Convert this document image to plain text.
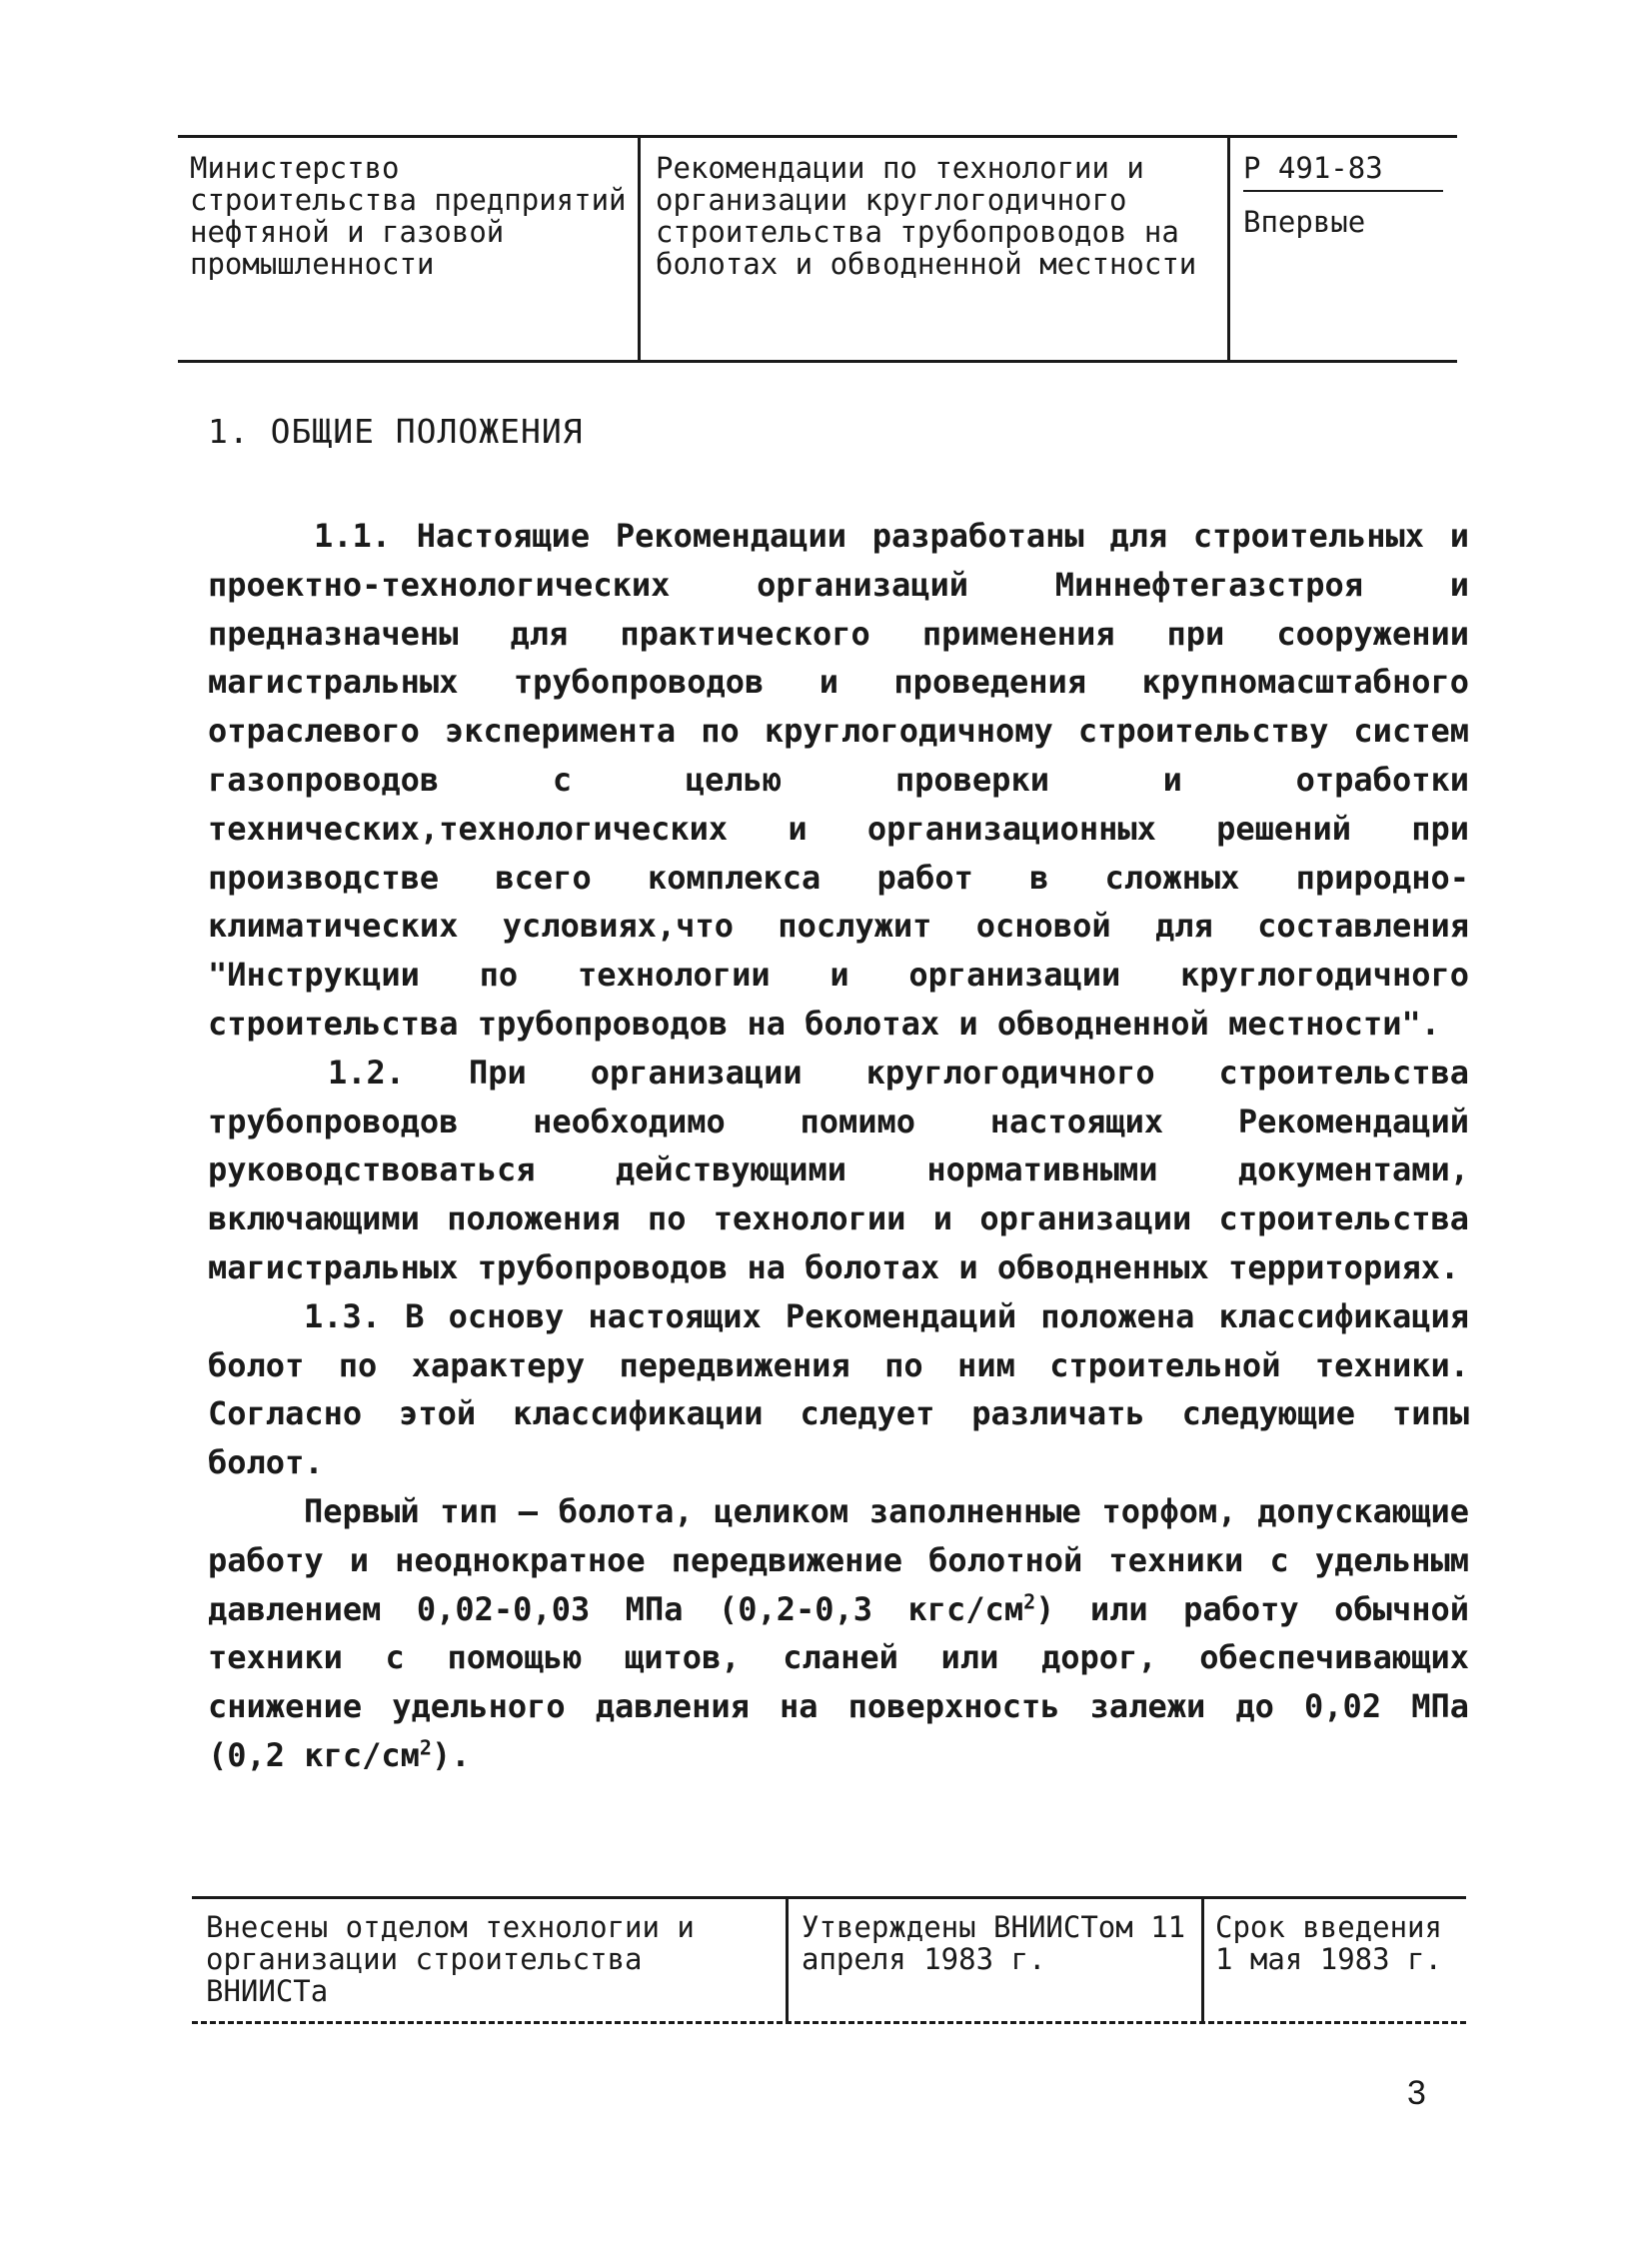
Министерство строительства предприятий нефтяной и газовой промышленности
Рекомендации по технологии и организации круглогодичного строительства трубопроводов на болотах и обводненной местности
Р 491-83
Впервые
1. ОБЩИЕ ПОЛОЖЕНИЯ

1.1. Настоящие Рекомендации разработаны для строительных и проектно-технологических организаций Миннефтегазстроя и предназначены для практического применения при сооружении магистральных трубопроводов и проведения крупномасштабного отраслевого эксперимента по круглогодичному строительству систем газопроводов с целью проверки и отработки технических,технологических и организационных решений при производстве всего комплекса работ в сложных природно-климатических условиях,что послужит основой для составления "Инструкции по технологии и организации круглогодичного строительства трубопроводов на болотах и обводненной местности".

1.2. При организации круглогодичного строительства трубопроводов необходимо помимо настоящих Рекомендаций руководствоваться действующими нормативными документами, включающими положения по технологии и организации строительства магистральных трубопроводов на болотах и обводненных территориях.

1.3. В основу настоящих Рекомендаций положена классификация болот по характеру передвижения по ним строительной техники. Согласно этой классификации следует различать следующие типы болот.

Первый тип – болота, целиком заполненные торфом, допускающие работу и неоднократное передвижение болотной техники с удельным давлением 0,02-0,03 МПа (0,2-0,3 кгс/$см^2$) или работу обычной техники с помощью щитов, сланей или дорог, обеспечивающих снижение удельного давления на поверхность залежи до 0,02 МПа (0,2 кгс/$см^2$).

Внесены отделом технологии и организации строительства ВНИИСТа
Утверждены ВНИИСТом 11 апреля 1983 г.
Срок введения 1 мая 1983 г.
3
